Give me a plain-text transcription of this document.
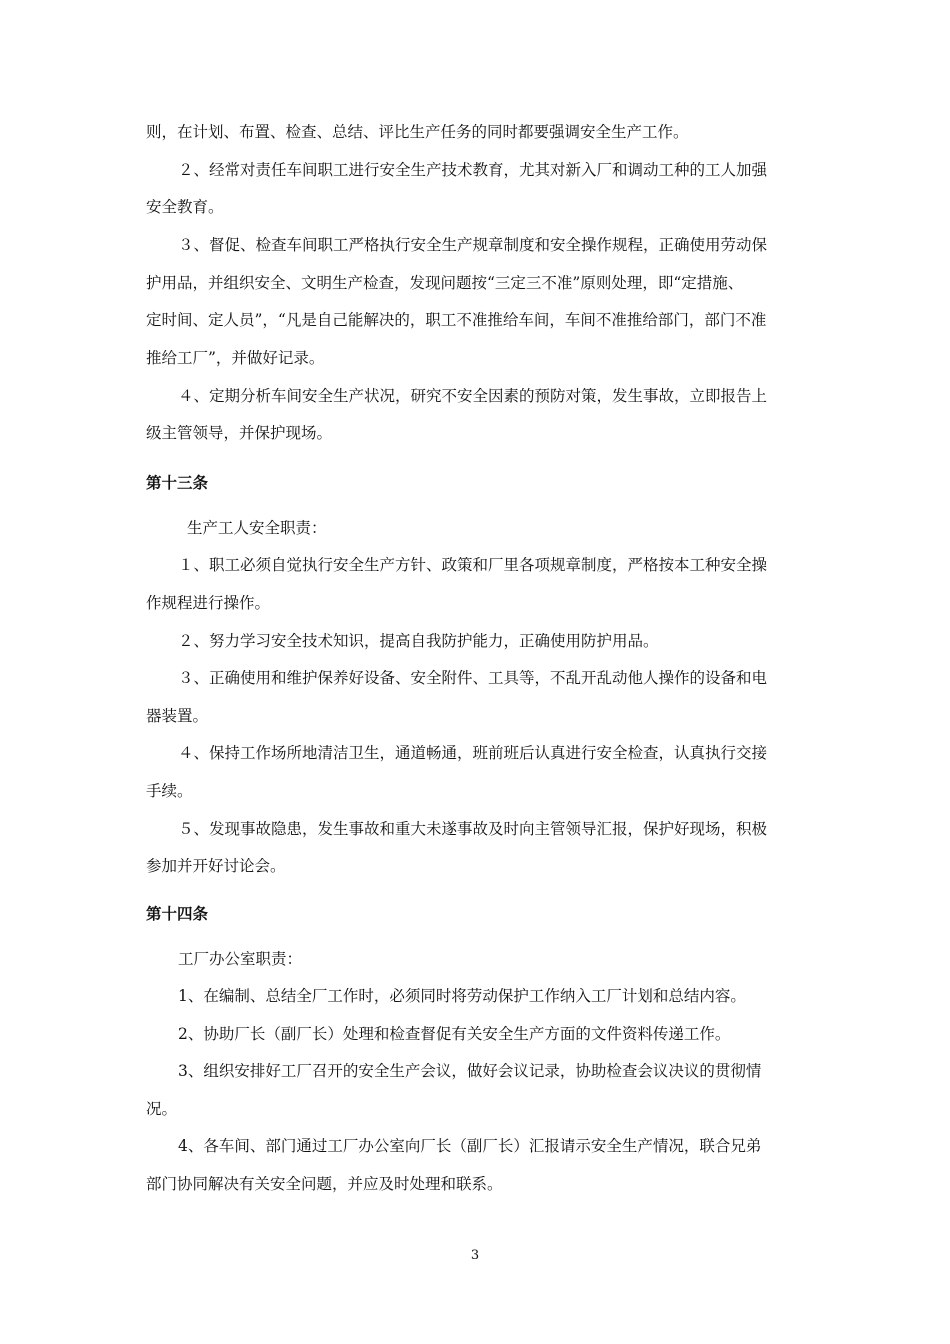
则，在计划、布置、检查、总结、评比生产任务的同时都要强调安全生产工作。
２、经常对责任车间职工进行安全生产技术教育，尤其对新入厂和调动工种的工人加强
安全教育。
３、督促、检查车间职工严格执行安全生产规章制度和安全操作规程，正确使用劳动保
护用品，并组织安全、文明生产检查，发现问题按“三定三不准”原则处理，即“定措施、
定时间、定人员”，“凡是自己能解决的，职工不准推给车间，车间不准推给部门，部门不准
推给工厂”，并做好记录。
４、定期分析车间安全生产状况，研究不安全因素的预防对策，发生事故，立即报告上
级主管领导，并保护现场。
第十三条
生产工人安全职责：
１、职工必须自觉执行安全生产方针、政策和厂里各项规章制度，严格按本工种安全操
作规程进行操作。
２、努力学习安全技术知识，提高自我防护能力，正确使用防护用品。
３、正确使用和维护保养好设备、安全附件、工具等，不乱开乱动他人操作的设备和电
器装置。
４、保持工作场所地清洁卫生，通道畅通，班前班后认真进行安全检查，认真执行交接
手续。
５、发现事故隐患，发生事故和重大未遂事故及时向主管领导汇报，保护好现场，积极
参加并开好讨论会。
第十四条
工厂办公室职责：
1、在编制、总结全厂工作时，必须同时将劳动保护工作纳入工厂计划和总结内容。
2、协助厂长（副厂长）处理和检查督促有关安全生产方面的文件资料传递工作。
3、组织安排好工厂召开的安全生产会议，做好会议记录，协助检查会议决议的贯彻情
况。
4、各车间、部门通过工厂办公室向厂长（副厂长）汇报请示安全生产情况，联合兄弟
部门协同解决有关安全问题，并应及时处理和联系。
3
